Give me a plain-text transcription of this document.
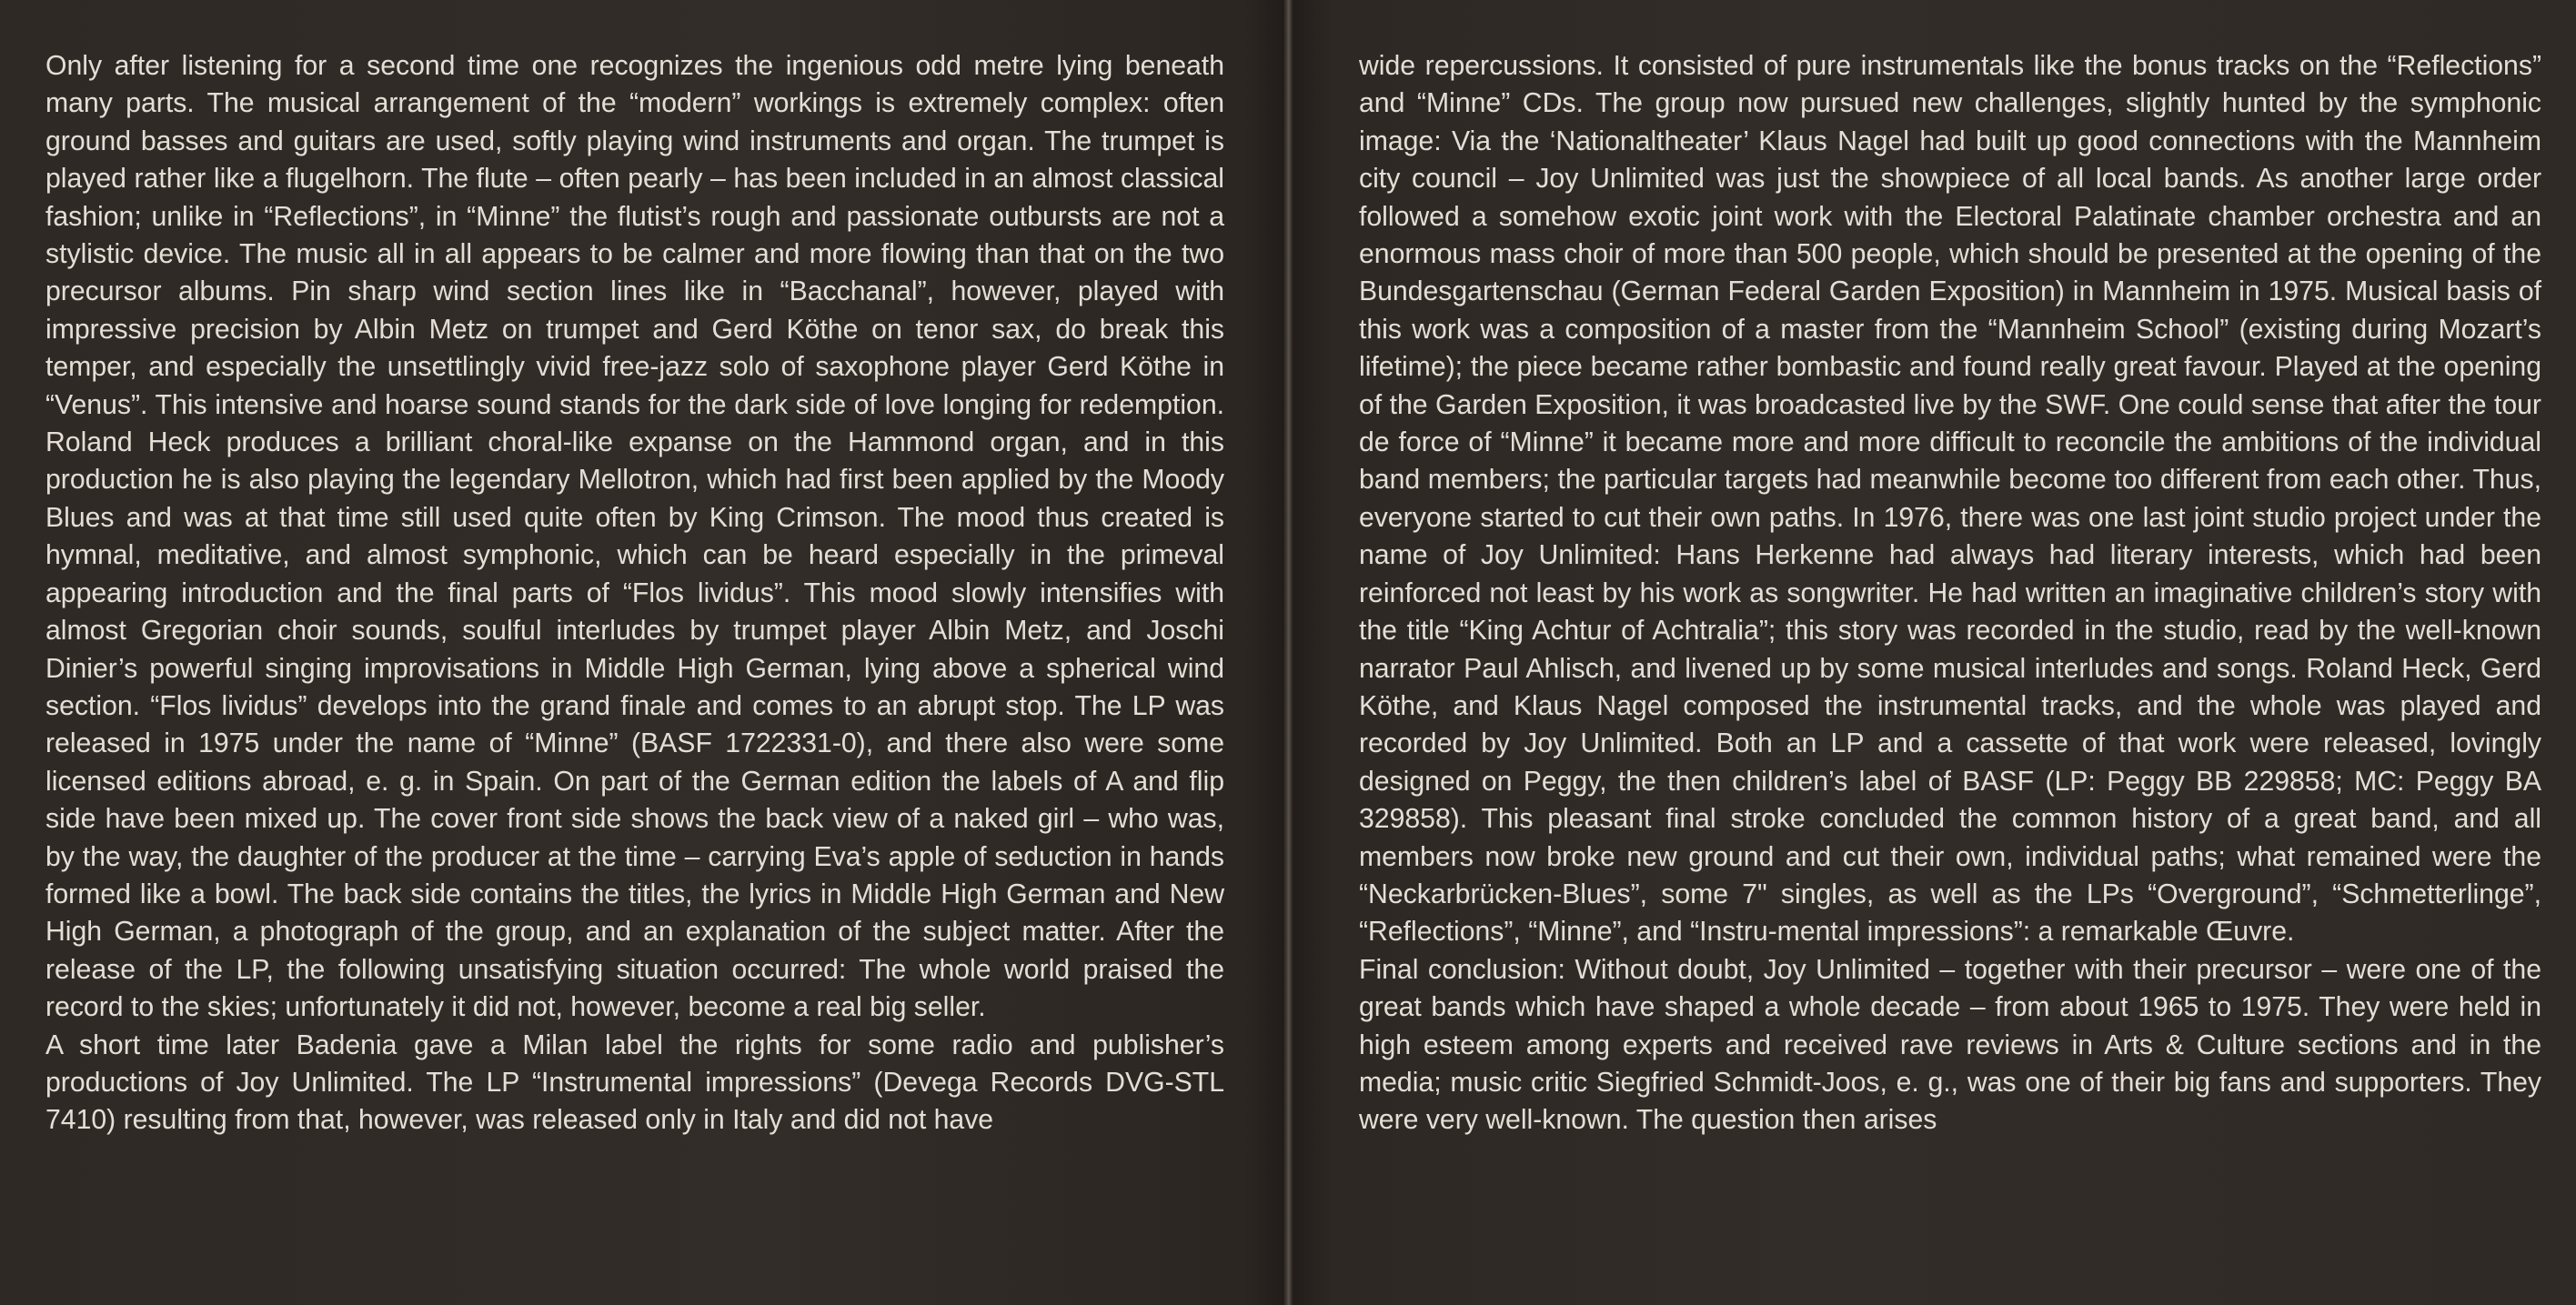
Only after listening for a second time one recognizes the ingenious odd metre lying beneath many parts. The musical arrangement of the “modern” workings is extremely complex: often ground basses and guitars are used, softly playing wind instruments and organ. The trumpet is played rather like a flugelhorn. The flute – often pearly – has been included in an almost classical fashion; unlike in “Reflections”, in “Minne” the flutist’s rough and passionate outbursts are not a stylistic device. The music all in all appears to be calmer and more flowing than that on the two precursor albums. Pin sharp wind section lines like in “Bacchanal”, however, played with impressive precision by Albin Metz on trumpet and Gerd Köthe on tenor sax, do break this temper, and especially the unsettlingly vivid free-jazz solo of saxophone player Gerd Köthe in “Venus”. This intensive and hoarse sound stands for the dark side of love longing for redemption. Roland Heck produces a brilliant choral-like expanse on the Hammond organ, and in this production he is also playing the legendary Mellotron, which had first been applied by the Moody Blues and was at that time still used quite often by King Crimson. The mood thus created is hymnal, meditative, and almost symphonic, which can be heard especially in the primeval appearing introduction and the final parts of “Flos lividus”. This mood slowly intensifies with almost Gregorian choir sounds, soulful interludes by trumpet player Albin Metz, and Joschi Dinier’s powerful singing improvisations in Middle High German, lying above a spherical wind section. “Flos lividus” develops into the grand finale and comes to an abrupt stop. The LP was released in 1975 under the name of “Minne” (BASF 1722331-0), and there also were some licensed editions abroad, e. g. in Spain. On part of the German edition the labels of A and flip side have been mixed up. The cover front side shows the back view of a naked girl – who was, by the way, the daughter of the producer at the time – carrying Eva’s apple of seduction in hands formed like a bowl. The back side contains the titles, the lyrics in Middle High German and New High German, a photograph of the group, and an explanation of the subject matter. After the release of the LP, the following unsatisfying situation occurred: The whole world praised the record to the skies; unfortunately it did not, however, become a real big seller.

A short time later Badenia gave a Milan label the rights for some radio and publisher’s productions of Joy Unlimited. The LP “Instrumental impressions” (Devega Records DVG-STL 7410) resulting from that, however, was released only in Italy and did not have

wide repercussions. It consisted of pure instrumentals like the bonus tracks on the “Reflections” and “Minne” CDs. The group now pursued new challenges, slightly hunted by the symphonic image: Via the ‘Nationaltheater’ Klaus Nagel had built up good connections with the Mannheim city council – Joy Unlimited was just the showpiece of all local bands. As another large order followed a somehow exotic joint work with the Electoral Palatinate chamber orchestra and an enormous mass choir of more than 500 people, which should be presented at the opening of the Bundesgartenschau (German Federal Garden Exposition) in Mannheim in 1975. Musical basis of this work was a composition of a master from the “Mannheim School” (existing during Mozart’s lifetime); the piece became rather bombastic and found really great favour. Played at the opening of the Garden Exposition, it was broadcasted live by the SWF. One could sense that after the tour de force of “Minne” it became more and more difficult to reconcile the ambitions of the individual band members; the particular targets had meanwhile become too different from each other. Thus, everyone started to cut their own paths. In 1976, there was one last joint studio project under the name of Joy Unlimited: Hans Herkenne had always had literary interests, which had been reinforced not least by his work as songwriter. He had written an imaginative children’s story with the title “King Achtur of Achtralia”; this story was recorded in the studio, read by the well-known narrator Paul Ahlisch, and livened up by some musical interludes and songs. Roland Heck, Gerd Köthe, and Klaus Nagel composed the instrumental tracks, and the whole was played and recorded by Joy Unlimited. Both an LP and a cassette of that work were released, lovingly designed on Peggy, the then children’s label of BASF (LP: Peggy BB 229858; MC: Peggy BA 329858). This pleasant final stroke concluded the common history of a great band, and all members now broke new ground and cut their own, individual paths; what remained were the “Neckarbrücken-Blues”, some 7" singles, as well as the LPs “Overground”, “Schmetterlinge”, “Reflections”, “Minne”, and “Instru-mental impressions”: a remarkable Œuvre.

Final conclusion: Without doubt, Joy Unlimited – together with their precursor – were one of the great bands which have shaped a whole decade – from about 1965 to 1975. They were held in high esteem among experts and received rave reviews in Arts & Culture sections and in the media; music critic Siegfried Schmidt-Joos, e. g., was one of their big fans and supporters. They were very well-known. The question then arises
